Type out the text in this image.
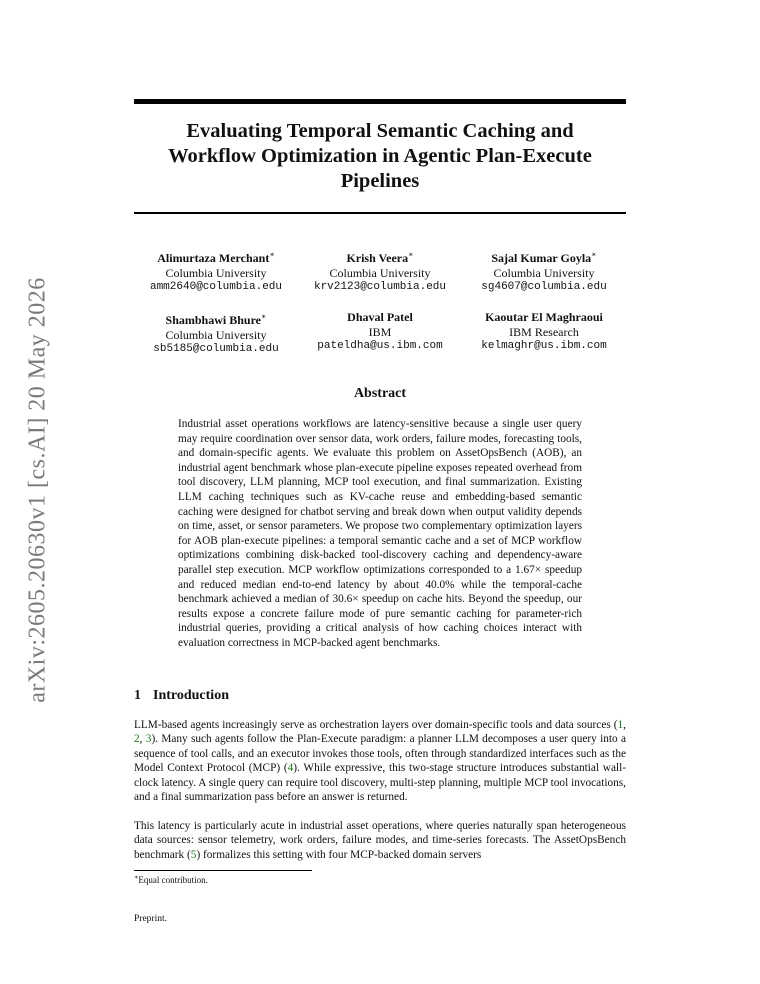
arXiv:2605.20630v1 [cs.AI] 20 May 2026
Evaluating Temporal Semantic Caching and
Workflow Optimization in Agentic Plan-Execute
Pipelines
Alimurtaza Merchant∗
Columbia University
amm2640@columbia.edu
Krish Veera∗
Columbia University
krv2123@columbia.edu
Sajal Kumar Goyla∗
Columbia University
sg4607@columbia.edu
Shambhawi Bhure∗
Columbia University
sb5185@columbia.edu
Dhaval Patel
IBM
pateldha@us.ibm.com
Kaoutar El Maghraoui
IBM Research
kelmaghr@us.ibm.com
Abstract

Industrial asset operations workflows are latency-sensitive because a single user query may require coordination over sensor data, work orders, failure modes, forecasting tools, and domain-specific agents. We evaluate this problem on AssetOpsBench (AOB), an industrial agent benchmark whose plan-execute pipeline exposes repeated overhead from tool discovery, LLM planning, MCP tool execution, and final summarization. Existing LLM caching techniques such as KV-cache reuse and embedding-based semantic caching were designed for chatbot serving and break down when output validity depends on time, asset, or sensor parameters. We propose two complementary optimization layers for AOB plan-execute pipelines: a temporal semantic cache and a set of MCP workflow optimizations combining disk-backed tool-discovery caching and dependency-aware parallel step execution. MCP workflow optimizations corresponded to a 1.67× speedup and reduced median end-to-end latency by about 40.0% while the temporal-cache benchmark achieved a median of 30.6× speedup on cache hits. Beyond the speedup, our results expose a concrete failure mode of pure semantic caching for parameter-rich industrial queries, providing a critical analysis of how caching choices interact with evaluation correctness in MCP-backed agent benchmarks.

1 Introduction

LLM-based agents increasingly serve as orchestration layers over domain-specific tools and data sources (1, 2, 3). Many such agents follow the Plan-Execute paradigm: a planner LLM decomposes a user query into a sequence of tool calls, and an executor invokes those tools, often through standardized interfaces such as the Model Context Protocol (MCP) (4). While expressive, this two-stage structure introduces substantial wall-clock latency. A single query can require tool discovery, multi-step planning, multiple MCP tool invocations, and a final summarization pass before an answer is returned.

This latency is particularly acute in industrial asset operations, where queries naturally span heterogeneous data sources: sensor telemetry, work orders, failure modes, and time-series forecasts. The AssetOpsBench benchmark (5) formalizes this setting with four MCP-backed domain servers

∗Equal contribution.

Preprint.
